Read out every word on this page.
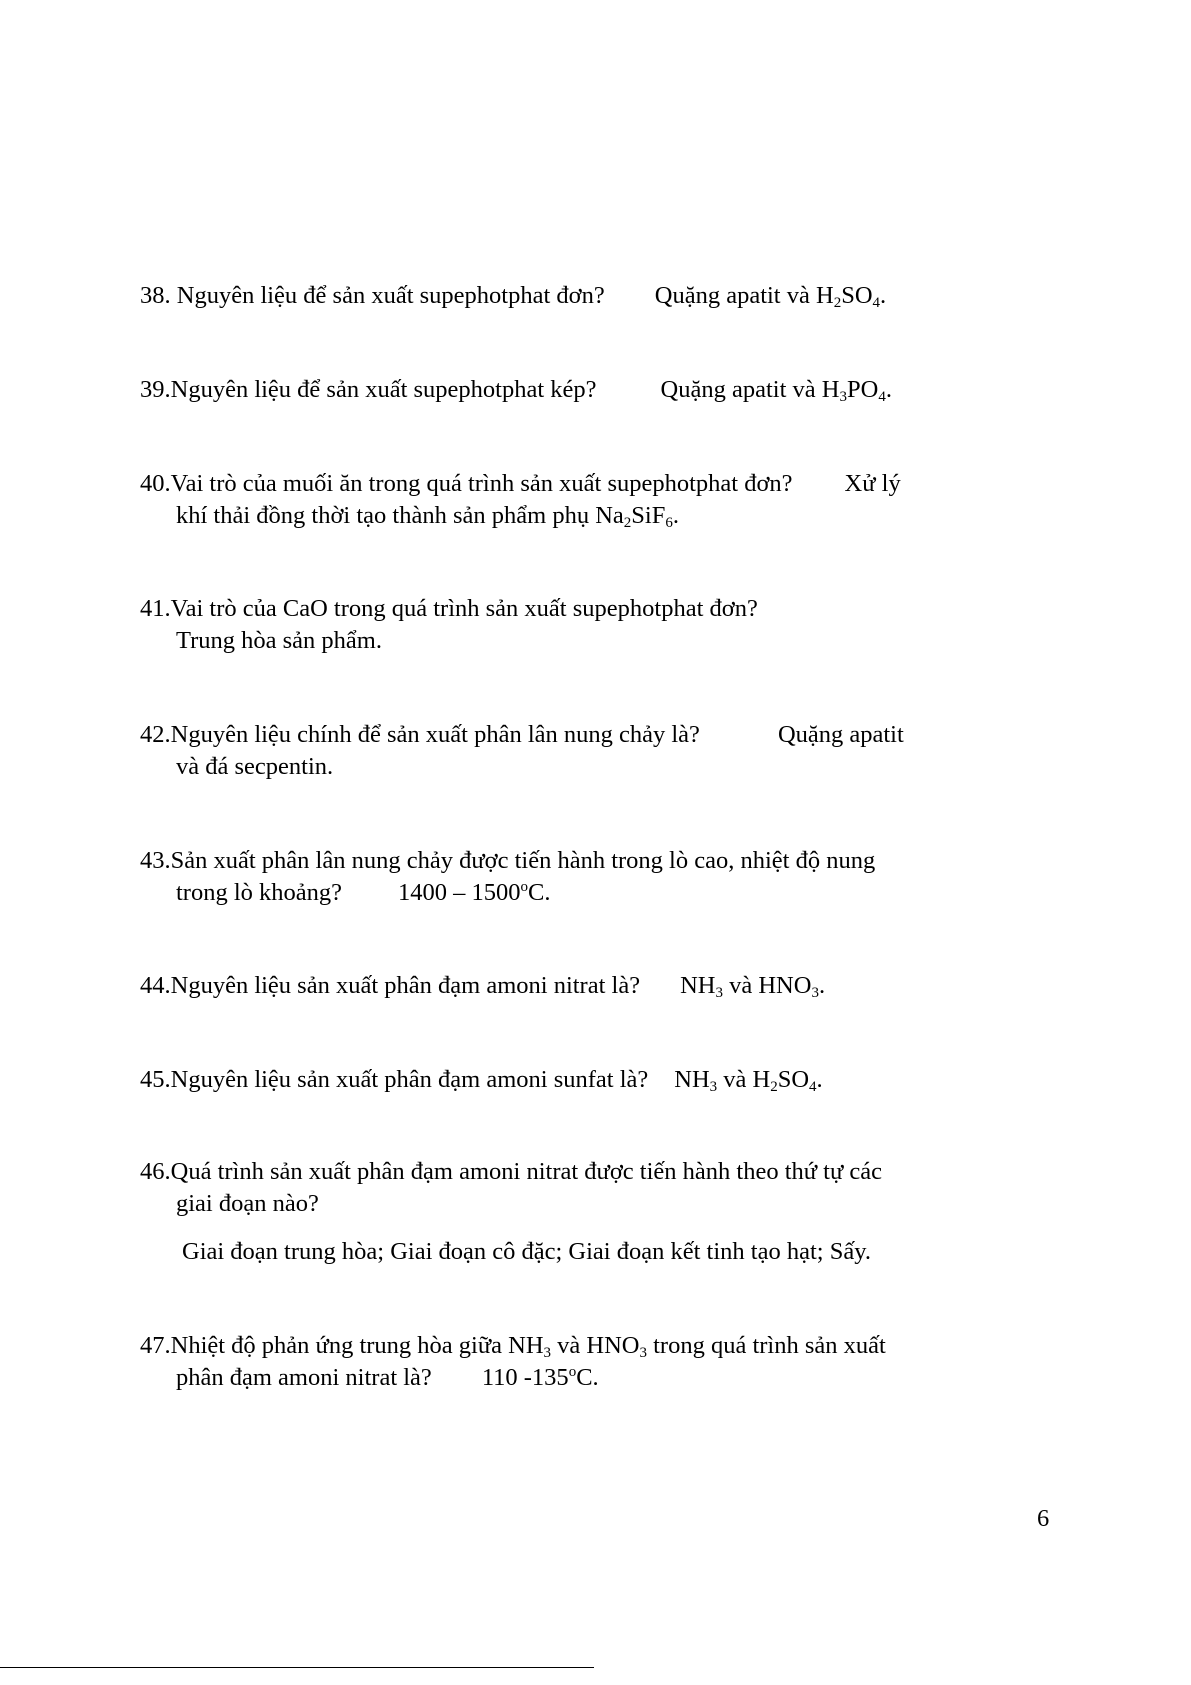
38. Nguyên liệu để sản xuất supephotphat đơn? Quặng apatit và $H_2SO_4$.
39.Nguyên liệu để sản xuất supephotphat kép?	Quặng apatit và $H_3PO_4$.
40.Vai trò của muối ăn trong quá trình sản xuất supephotphat đơn? Xử lý
khí thải đồng thời tạo thành sản phẩm phụ $Na_2SiF_6$.
41.Vai trò của CaO trong quá trình sản xuất supephotphat đơn?
Trung hòa sản phẩm.
42.Nguyên liệu chính để sản xuất phân lân nung chảy là?	Quặng apatit
và đá secpentin.
43.Sản xuất phân lân nung chảy được tiến hành trong lò cao, nhiệt độ nung
trong lò khoảng? 1400 – 1500$^o$C.
44.Nguyên liệu sản xuất phân đạm amoni nitrat là? $NH_3$ và $HNO_3$.
45.Nguyên liệu sản xuất phân đạm amoni sunfat là? $NH_3$ và $H_2SO_4$.
46.Quá trình sản xuất phân đạm amoni nitrat được tiến hành theo thứ tự các
giai đoạn nào?
Giai đoạn trung hòa; Giai đoạn cô đặc; Giai đoạn kết tinh tạo hạt; Sấy.
47.Nhiệt độ phản ứng trung hòa giữa $NH_3$ và $HNO_3$ trong quá trình sản xuất
phân đạm amoni nitrat là? 110 -135$^o$C.
6
